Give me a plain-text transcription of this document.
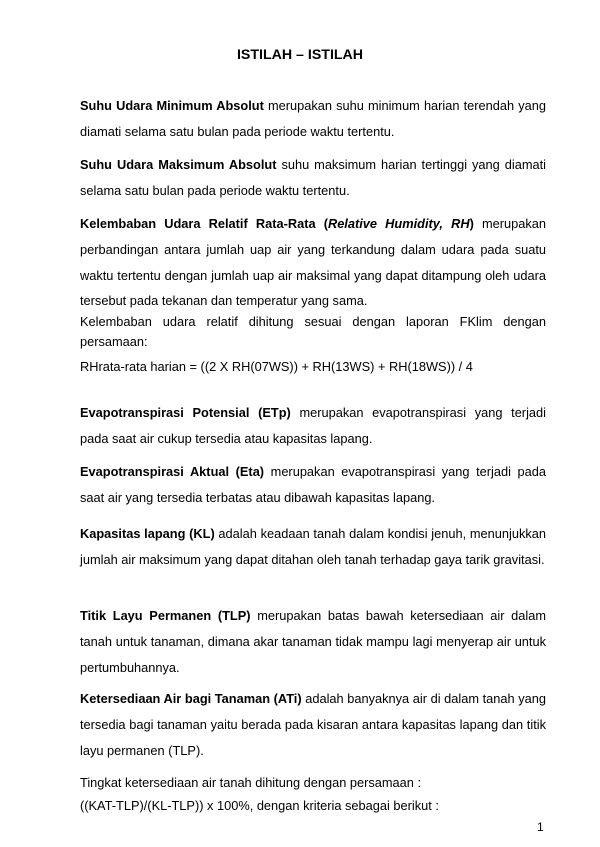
ISTILAH – ISTILAH

Suhu Udara Minimum Absolut merupakan suhu minimum harian terendah yang diamati selama satu bulan pada periode waktu tertentu.

Suhu Udara Maksimum Absolut suhu maksimum harian tertinggi yang diamati selama satu bulan pada periode waktu tertentu.

Kelembaban Udara Relatif Rata-Rata (Relative Humidity, RH) merupakan perbandingan antara jumlah uap air yang terkandung dalam udara pada suatu waktu tertentu dengan jumlah uap air maksimal yang dapat ditampung oleh udara tersebut pada tekanan dan temperatur yang sama.

Kelembaban udara relatif dihitung sesuai dengan laporan FKlim dengan persamaan:

RHrata-rata harian = ((2 X RH(07WS)) + RH(13WS) + RH(18WS)) / 4

Evapotranspirasi Potensial (ETp) merupakan evapotranspirasi yang terjadi pada saat air cukup tersedia atau kapasitas lapang.

Evapotranspirasi Aktual (Eta) merupakan evapotranspirasi yang terjadi pada saat air yang tersedia terbatas atau dibawah kapasitas lapang.

Kapasitas lapang (KL) adalah keadaan tanah dalam kondisi jenuh, menunjukkan jumlah air maksimum yang dapat ditahan oleh tanah terhadap gaya tarik gravitasi.

Titik Layu Permanen (TLP) merupakan batas bawah ketersediaan air dalam tanah untuk tanaman, dimana akar tanaman tidak mampu lagi menyerap air untuk pertumbuhannya.

Ketersediaan Air bagi Tanaman (ATi) adalah banyaknya air di dalam tanah yang tersedia bagi tanaman yaitu berada pada kisaran antara kapasitas lapang dan titik layu permanen (TLP).

Tingkat ketersediaan air tanah dihitung dengan persamaan :

((KAT-TLP)/(KL-TLP)) x 100%, dengan kriteria sebagai berikut :

1
